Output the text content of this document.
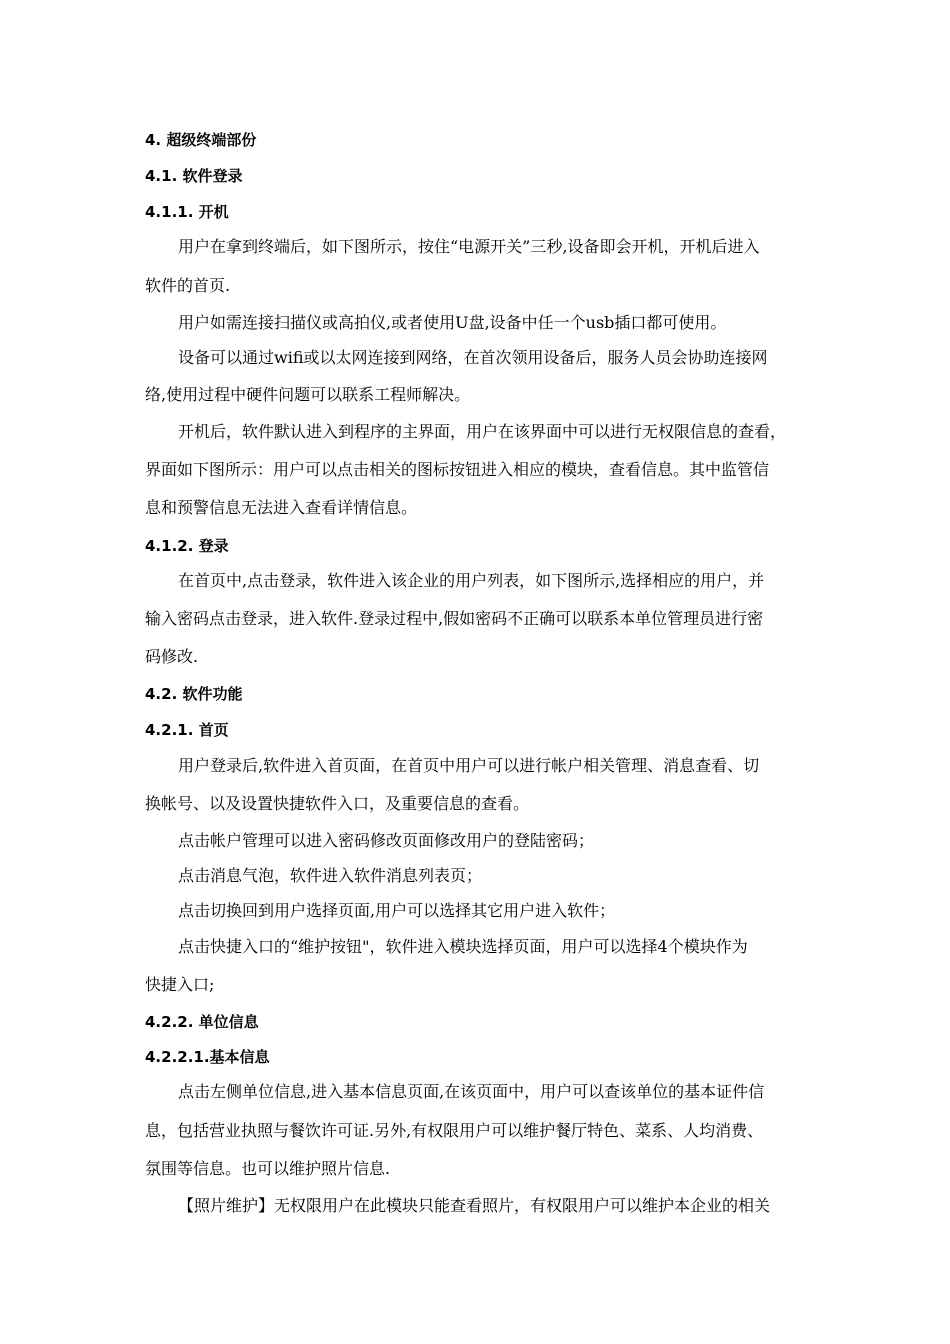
4. 超级终端部份
4.1. 软件登录
4.1.1. 开机
用户在拿到终端后，如下图所示，按住“电源开关”三秒,设备即会开机，开机后进入
软件的首页.
用户如需连接扫描仪或高拍仪,或者使用U盘,设备中任一个usb插口都可使用。
设备可以通过wifi或以太网连接到网络，在首次领用设备后，服务人员会协助连接网
络,使用过程中硬件问题可以联系工程师解决。
开机后，软件默认进入到程序的主界面，用户在该界面中可以进行无权限信息的查看，
界面如下图所示：用户可以点击相关的图标按钮进入相应的模块，查看信息。其中监管信
息和预警信息无法进入查看详情信息。
4.1.2. 登录
在首页中,点击登录，软件进入该企业的用户列表，如下图所示,选择相应的用户，并
输入密码点击登录，进入软件.登录过程中,假如密码不正确可以联系本单位管理员进行密
码修改.
4.2. 软件功能
4.2.1. 首页
用户登录后,软件进入首页面，在首页中用户可以进行帐户相关管理、消息查看、切
换帐号、以及设置快捷软件入口，及重要信息的查看。
点击帐户管理可以进入密码修改页面修改用户的登陆密码；
点击消息气泡，软件进入软件消息列表页；
点击切换回到用户选择页面,用户可以选择其它用户进入软件；
点击快捷入口的“维护按钮"，软件进入模块选择页面，用户可以选择4个模块作为
快捷入口;
4.2.2. 单位信息
4.2.2.1.基本信息
点击左侧单位信息,进入基本信息页面,在该页面中，用户可以查该单位的基本证件信
息，包括营业执照与餐饮许可证.另外,有权限用户可以维护餐厅特色、菜系、人均消费、
氛围等信息。也可以维护照片信息.
【照片维护】无权限用户在此模块只能查看照片，有权限用户可以维护本企业的相关
